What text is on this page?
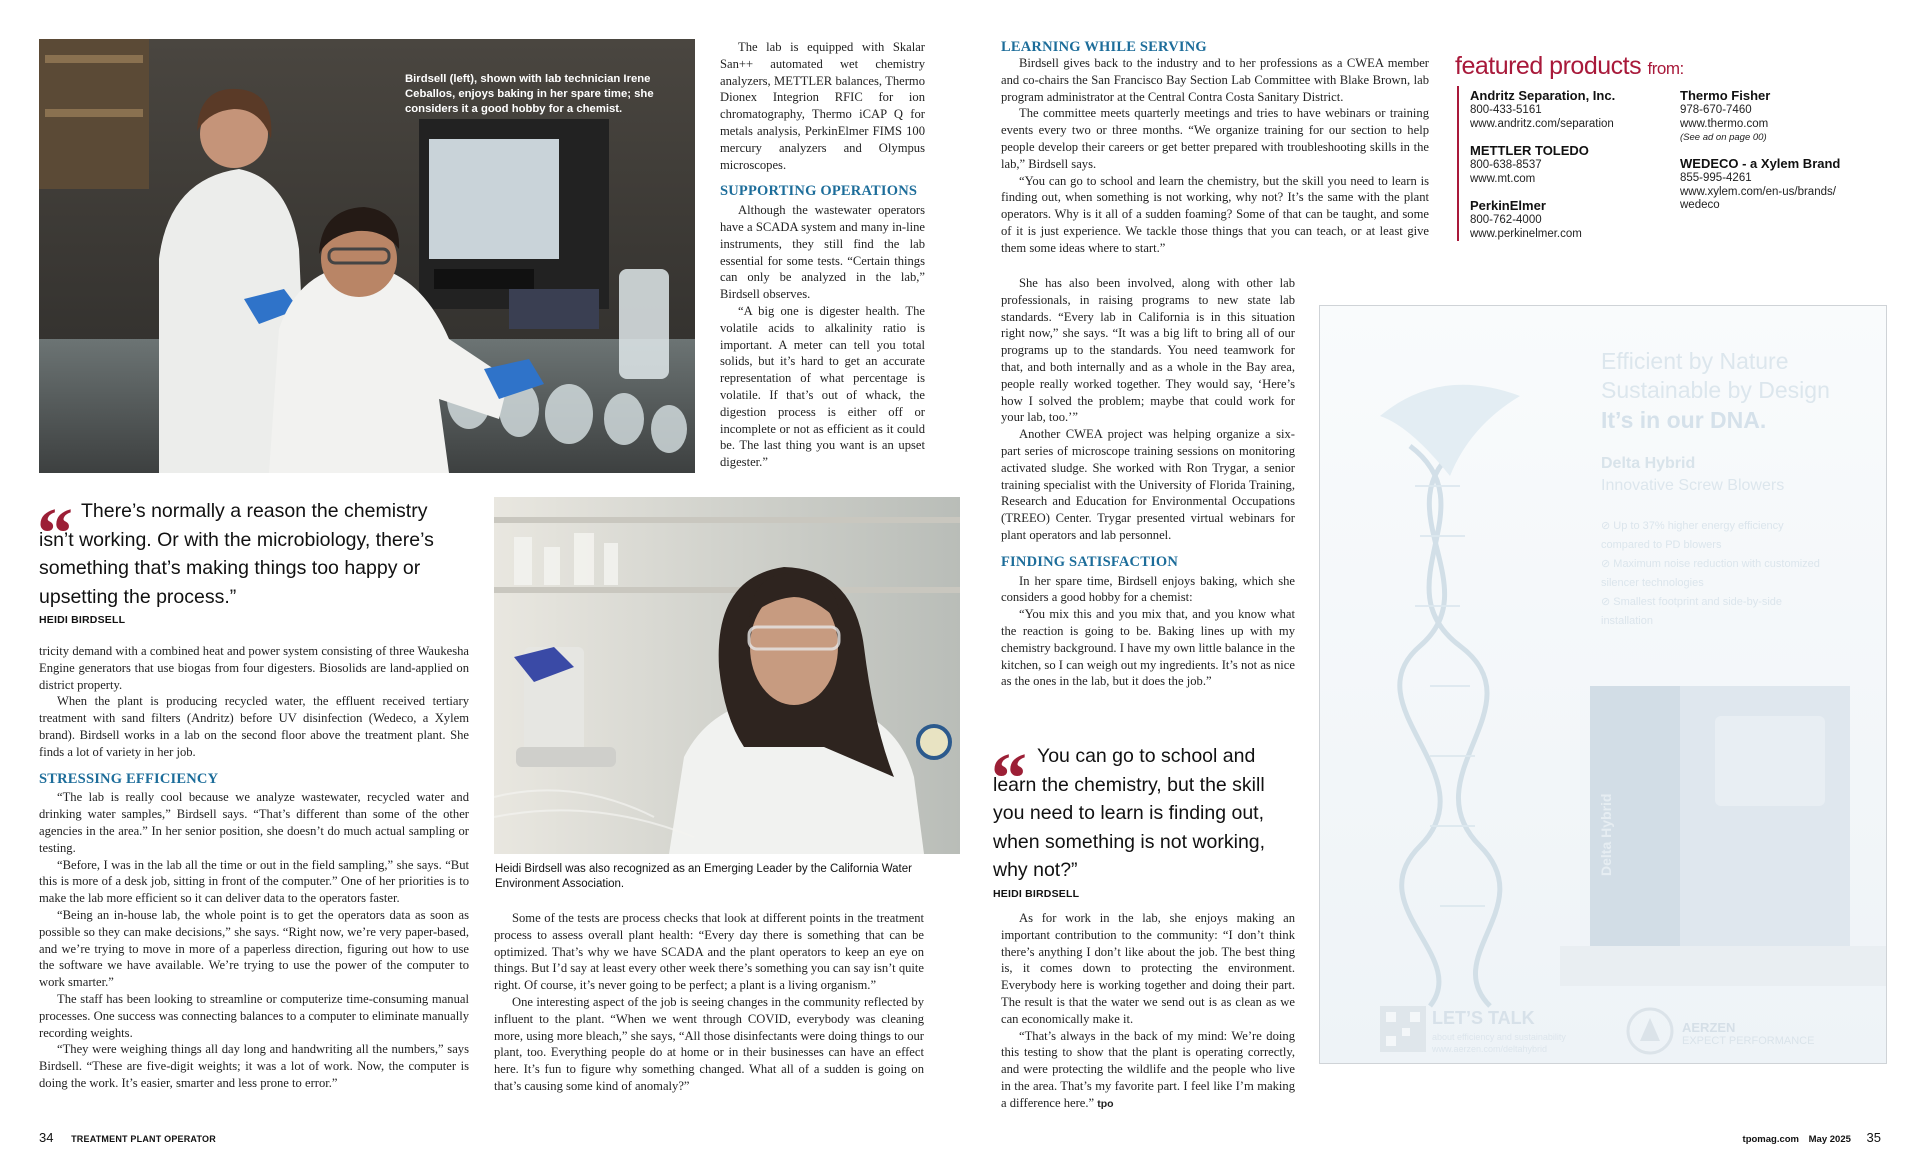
Birdsell (left), shown with lab technician Irene Ceballos, enjoys baking in her spare time; she considers it a good hobby for a chemist.
“ There’s normally a reason the chemistry isn’t working. Or with the microbiology, there’s something that’s making things too happy or upsetting the process.”
HEIDI BIRDSELL

tricity demand with a combined heat and power system consisting of three Waukesha Engine generators that use biogas from four digesters. Biosolids are land-applied on district property.

When the plant is producing recycled water, the effluent received tertiary treatment with sand filters (Andritz) before UV disinfection (Wedeco, a Xylem brand). Birdsell works in a lab on the second floor above the treatment plant. She finds a lot of variety in her job.

STRESSING EFFICIENCY

“The lab is really cool because we analyze wastewater, recycled water and drinking water samples,” Birdsell says. “That’s different than some of the other agencies in the area.” In her senior position, she doesn’t do much actual sampling or testing.

“Before, I was in the lab all the time or out in the field sampling,” she says. “But this is more of a desk job, sitting in front of the computer.” One of her priorities is to make the lab more efficient so it can deliver data to the operators faster.

“Being an in-house lab, the whole point is to get the operators data as soon as possible so they can make decisions,” she says. “Right now, we’re very paper-based, and we’re trying to move in more of a paperless direction, figuring out how to use the software we have available. We’re trying to use the power of the computer to work smarter.”

The staff has been looking to streamline or computerize time-consuming manual processes. One success was connecting balances to a computer to eliminate manually recording weights.

“They were weighing things all day long and handwriting all the numbers,” says Birdsell. “These are five-digit weights; it was a lot of work. Now, the computer is doing the work. It’s easier, smarter and less prone to error.”

The lab is equipped with Skalar San++ automated wet chemistry analyzers, METTLER balances, Thermo Dionex Integrion RFIC for ion chromatography, Thermo iCAP Q for metals analysis, PerkinElmer FIMS 100 mercury analyzers and Olympus microscopes.

SUPPORTING OPERATIONS

Although the wastewater operators have a SCADA system and many in-line instruments, they still find the lab essential for some tests. “Certain things can only be analyzed in the lab,” Birdsell observes.

“A big one is digester health. The volatile acids to alkalinity ratio is important. A meter can tell you total solids, but it’s hard to get an accurate representation of what percentage is volatile. If that’s out of whack, the digestion process is either off or incomplete or not as efficient as it could be. The last thing you want is an upset digester.”

Heidi Birdsell was also recognized as an Emerging Leader by the California Water Environment Association.

Some of the tests are process checks that look at different points in the treatment process to assess overall plant health: “Every day there is something that can be optimized. That’s why we have SCADA and the plant operators to keep an eye on things. But I’d say at least every other week there’s something you can say isn’t quite right. Of course, it’s never going to be perfect; a plant is a living organism.”

One interesting aspect of the job is seeing changes in the community reflected by influent to the plant. “When we went through COVID, everybody was cleaning more, using more bleach,” she says, “All those disinfectants were doing things to our plant, too. Everything people do at home or in their businesses can have an effect here. It’s fun to figure why something changed. What all of a sudden is going on that’s causing some kind of anomaly?”

LEARNING WHILE SERVING

Birdsell gives back to the industry and to her professions as a CWEA member and co-chairs the San Francisco Bay Section Lab Committee with Blake Brown, lab program administrator at the Central Contra Costa Sanitary District.

The committee meets quarterly meetings and tries to have webinars or training events every two or three months. “We organize training for our section to help people develop their careers or get better prepared with troubleshooting skills in the lab,” Birdsell says.

“You can go to school and learn the chemistry, but the skill you need to learn is finding out, when something is not working, why not? It’s the same with the plant operators. Why is it all of a sudden foaming? Some of that can be taught, and some of it is just experience. We tackle those things that you can teach, or at least give them some ideas where to start.”

She has also been involved, along with other lab professionals, in raising programs to new state lab standards. “Every lab in California is in this situation right now,” she says. “It was a big lift to bring all of our programs up to the standards. You need teamwork for that, and both internally and as a whole in the Bay area, people really worked together. They would say, ‘Here’s how I solved the problem; maybe that could work for your lab, too.’”

Another CWEA project was helping organize a six-part series of microscope training sessions on monitoring activated sludge. She worked with Ron Trygar, a senior training specialist with the University of Florida Training, Research and Education for Environmental Occupations (TREEO) Center. Trygar presented virtual webinars for plant operators and lab personnel.

FINDING SATISFACTION

In her spare time, Birdsell enjoys baking, which she considers a good hobby for a chemist:

“You mix this and you mix that, and you know what the reaction is going to be. Baking lines up with my chemistry background. I have my own little balance in the kitchen, so I can weigh out my ingredients. It’s not as nice as the ones in the lab, but it does the job.”

“ You can go to school and learn the chemistry, but the skill you need to learn is finding out, when something is not working, why not?”
HEIDI BIRDSELL

As for work in the lab, she enjoys making an important contribution to the community: “I don’t think there’s anything I don’t like about the job. The best thing is, it comes down to protecting the environment. Everybody here is working together and doing their part. The result is that the water we send out is as clean as we can economically make it.

“That’s always in the back of my mind: We’re doing this testing to show that the plant is operating correctly, and were protecting the wildlife and the people who live in the area. That’s my favorite part. I feel like I’m making a difference here.” tpo

featured products from:
Andritz Separation, Inc.
800-433-5161
www.andritz.com/separation
METTLER TOLEDO
800-638-8537
www.mt.com
PerkinElmer
800-762-4000
www.perkinelmer.com
Thermo Fisher
978-670-7460
www.thermo.com
(See ad on page 00)
WEDECO - a Xylem Brand
855-995-4261
www.xylem.com/en-us/brands/
wedeco
Efficient by Nature
Sustainable by Design
It’s in our DNA.
Delta Hybrid
Innovative Screw Blowers
⊘ Up to 37% higher energy efficiency compared to PD blowers
⊘ Maximum noise reduction with customized silencer technologies
⊘ Smallest footprint and side-by-side installation
Delta Hybrid
LET’S TALK
about efficiency and sustainability
www.aerzen.com/deltahybrid
AERZEN
EXPECT PERFORMANCE
34 TREATMENT PLANT OPERATOR	tpomag.com May 2025 35
